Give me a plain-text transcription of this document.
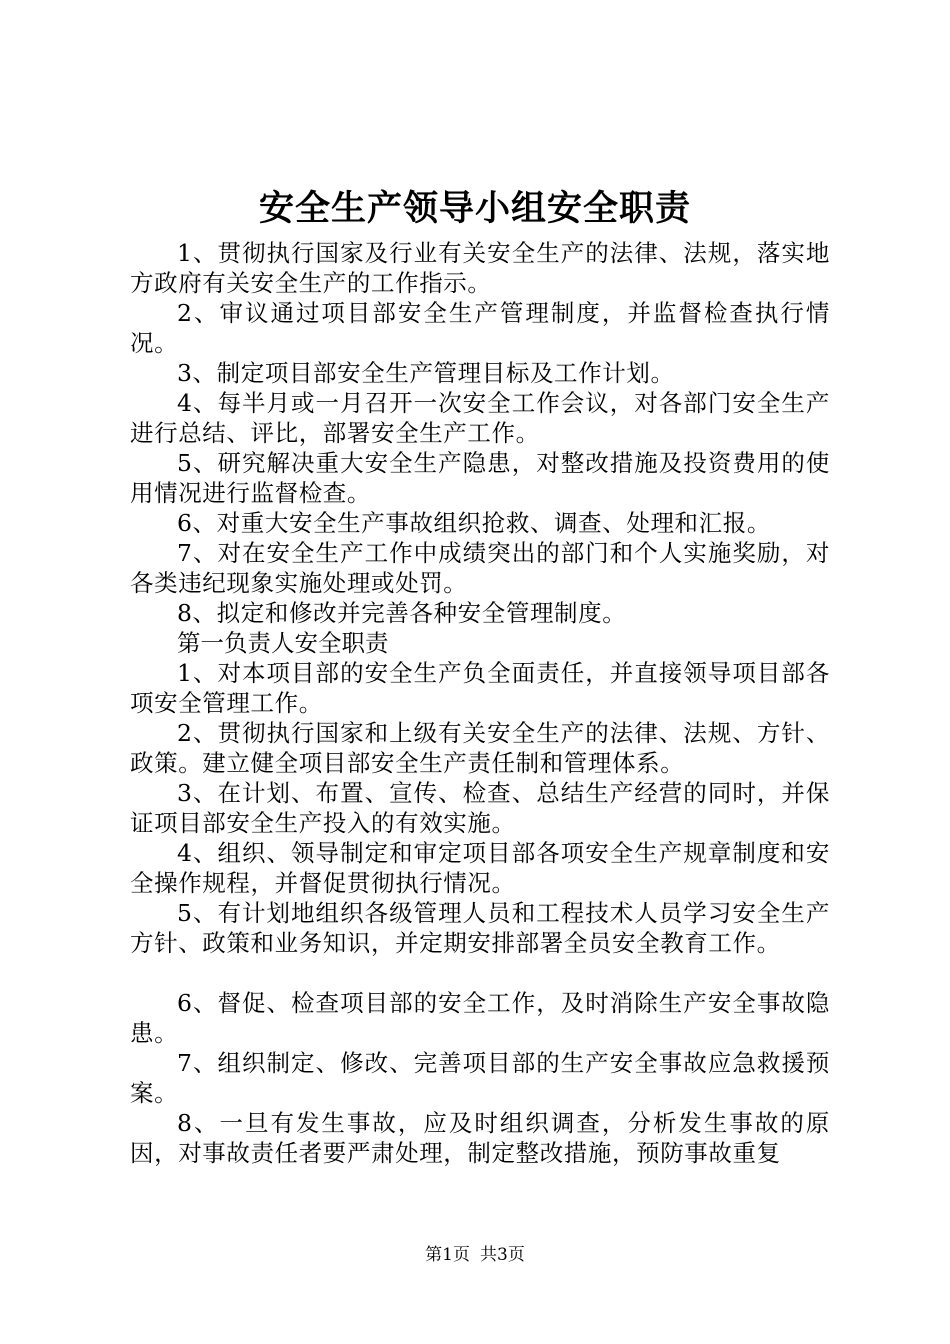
安全生产领导小组安全职责

1、贯彻执行国家及行业有关安全生产的法律、法规，落实地方政府有关安全生产的工作指示。

2、审议通过项目部安全生产管理制度，并监督检查执行情况。

3、制定项目部安全生产管理目标及工作计划。

4、每半月或一月召开一次安全工作会议，对各部门安全生产进行总结、评比，部署安全生产工作。

5、研究解决重大安全生产隐患，对整改措施及投资费用的使用情况进行监督检查。

6、对重大安全生产事故组织抢救、调查、处理和汇报。

7、对在安全生产工作中成绩突出的部门和个人实施奖励，对各类违纪现象实施处理或处罚。

8、拟定和修改并完善各种安全管理制度。

第一负责人安全职责

1、对本项目部的安全生产负全面责任，并直接领导项目部各项安全管理工作。

2、贯彻执行国家和上级有关安全生产的法律、法规、方针、政策。建立健全项目部安全生产责任制和管理体系。

3、在计划、布置、宣传、检查、总结生产经营的同时，并保证项目部安全生产投入的有效实施。

4、组织、领导制定和审定项目部各项安全生产规章制度和安全操作规程，并督促贯彻执行情况。

5、有计划地组织各级管理人员和工程技术人员学习安全生产方针、政策和业务知识，并定期安排部署全员安全教育工作。

6、督促、检查项目部的安全工作，及时消除生产安全事故隐患。

7、组织制定、修改、完善项目部的生产安全事故应急救援预案。

8、一旦有发生事故，应及时组织调查，分析发生事故的原因，对事故责任者要严肃处理，制定整改措施，预防事故重复

第1页 共3页
